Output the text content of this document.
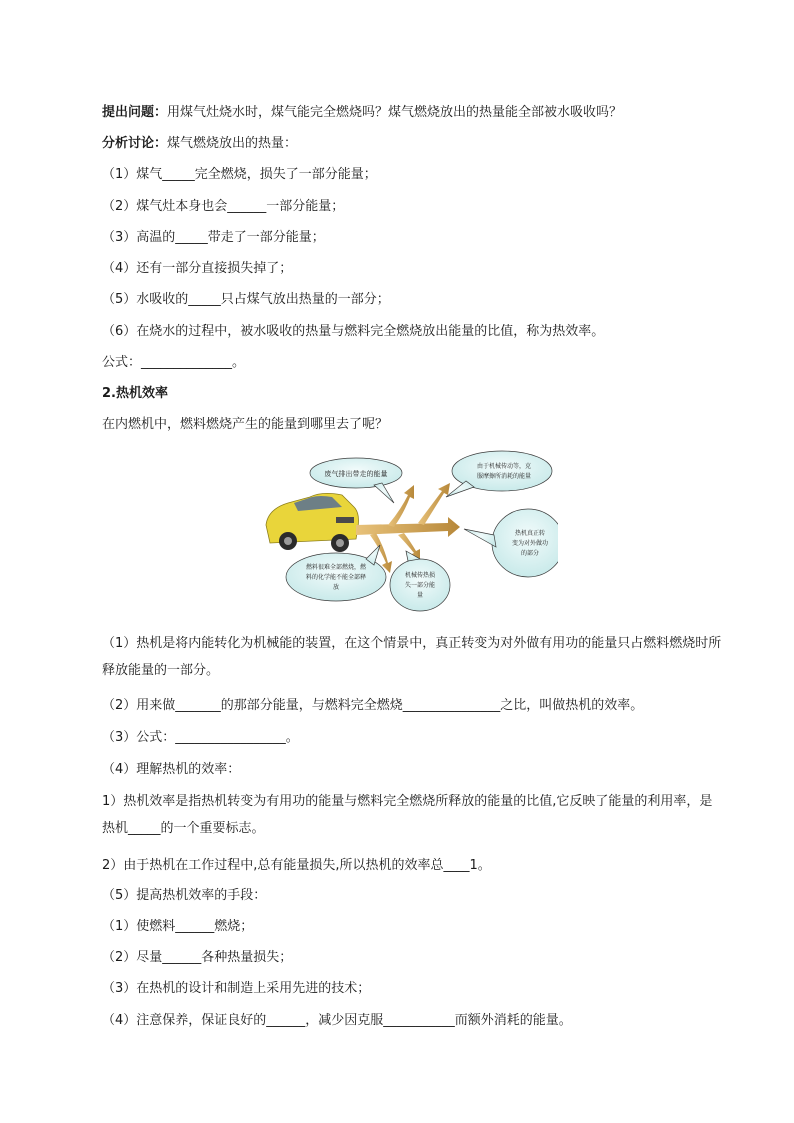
提出问题：用煤气灶烧水时，煤气能完全燃烧吗？煤气燃烧放出的热量能全部被水吸收吗？
分析讨论：煤气燃烧放出的热量：
（1）煤气_____完全燃烧，损失了一部分能量；
（2）煤气灶本身也会______一部分能量；
（3）高温的_____带走了一部分能量；
（4）还有一部分直接损失掉了；
（5）水吸收的_____只占煤气放出热量的一部分；
（6）在烧水的过程中，被水吸收的热量与燃料完全燃烧放出能量的比值，称为热效率。
公式：______________。
2.热机效率
在内燃机中，燃料燃烧产生的能量到哪里去了呢？
废气排出带走的能量
由于机械传动等，克
服摩擦所消耗的能量
热机真正转
变为对外做功
的部分
燃料很难全部燃烧，燃
料的化学能不能全部释
放
机械传热损
失一部分能
量
（1）热机是将内能转化为机械能的装置，在这个情景中，真正转变为对外做有用功的能量只占燃料燃烧时所释放能量的一部分。
（2）用来做_______的那部分能量，与燃料完全燃烧_______________之比，叫做热机的效率。
（3）公式：_________________。
（4）理解热机的效率：
1）热机效率是指热机转变为有用功的能量与燃料完全燃烧所释放的能量的比值,它反映了能量的利用率，是热机_____的一个重要标志。
2）由于热机在工作过程中,总有能量损失,所以热机的效率总____1。
（5）提高热机效率的手段：
（1）使燃料______燃烧；
（2）尽量______各种热量损失；
（3）在热机的设计和制造上采用先进的技术；
（4）注意保养，保证良好的______，减少因克服___________而额外消耗的能量。
